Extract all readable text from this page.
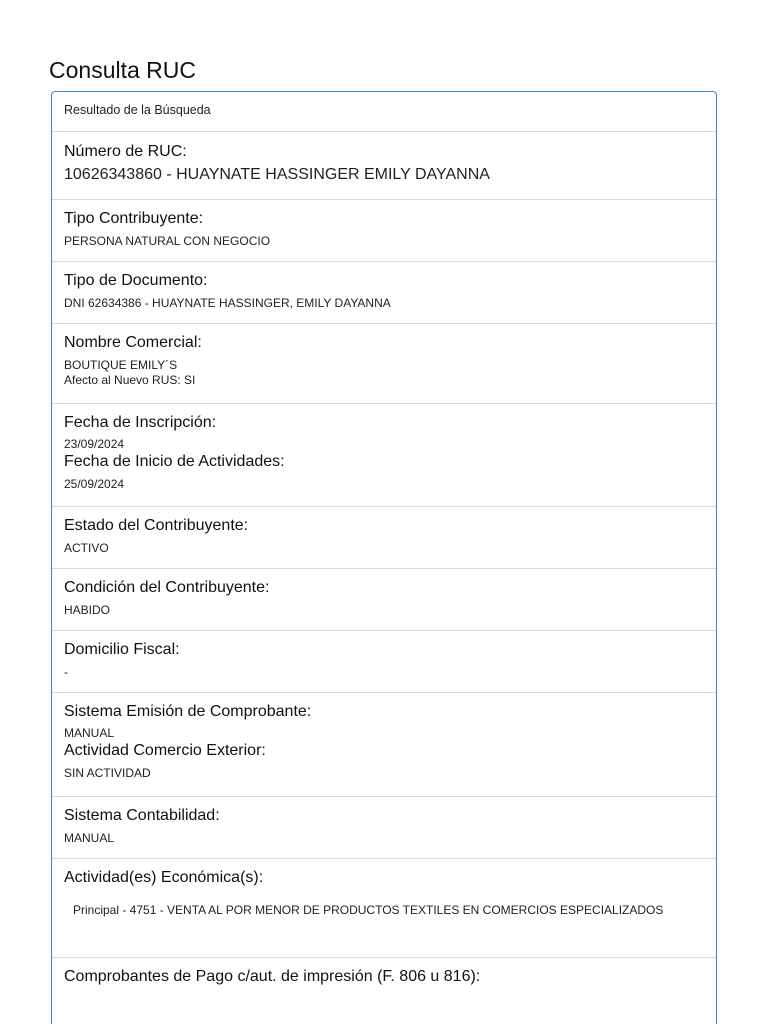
Consulta RUC
Resultado de la Búsqueda
Número de RUC:

10626343860 - HUAYNATE HASSINGER EMILY DAYANNA

Tipo Contribuyente:

PERSONA NATURAL CON NEGOCIO

Tipo de Documento:

DNI 62634386 - HUAYNATE HASSINGER, EMILY DAYANNA

Nombre Comercial:

BOUTIQUE EMILY´S

Afecto al Nuevo RUS: SI

Fecha de Inscripción:

23/09/2024

Fecha de Inicio de Actividades:

25/09/2024

Estado del Contribuyente:

ACTIVO

Condición del Contribuyente:

HABIDO

Domicilio Fiscal:

-

Sistema Emisión de Comprobante:

MANUAL

Actividad Comercio Exterior:

SIN ACTIVIDAD

Sistema Contabilidad:

MANUAL

Actividad(es) Económica(s):
Principal - 4751 - VENTA AL POR MENOR DE PRODUCTOS TEXTILES EN COMERCIOS ESPECIALIZADOS
Comprobantes de Pago c/aut. de impresión (F. 806 u 816):
